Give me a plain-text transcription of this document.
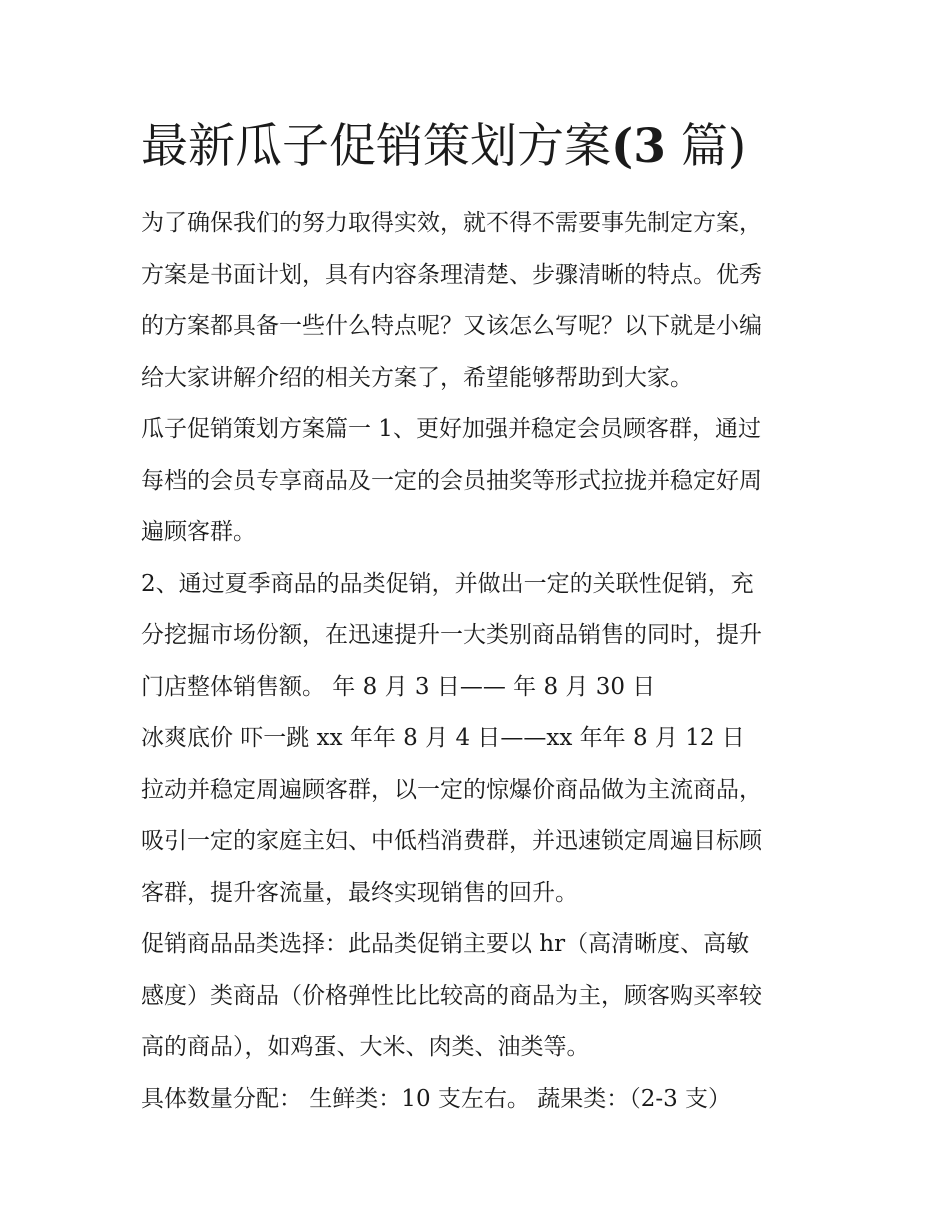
最新瓜子促销策划方案(3 篇)

为了确保我们的努力取得实效，就不得不需要事先制定方案，
方案是书面计划，具有内容条理清楚、步骤清晰的特点。优秀
的方案都具备一些什么特点呢？又该怎么写呢？以下就是小编
给大家讲解介绍的相关方案了，希望能够帮助到大家。

瓜子促销策划方案篇一 1、更好加强并稳定会员顾客群，通过
每档的会员专享商品及一定的会员抽奖等形式拉拢并稳定好周
遍顾客群。

2、通过夏季商品的品类促销，并做出一定的关联性促销，充
分挖掘市场份额，在迅速提升一大类别商品销售的同时，提升
门店整体销售额。 年 8 月 3 日—— 年 8 月 30 日

冰爽底价 吓一跳 xx 年年 8 月 4 日——xx 年年 8 月 12 日

拉动并稳定周遍顾客群，以一定的惊爆价商品做为主流商品，
吸引一定的家庭主妇、中低档消费群，并迅速锁定周遍目标顾
客群，提升客流量，最终实现销售的回升。

促销商品品类选择：此品类促销主要以 hr（高清晰度、高敏
感度）类商品（价格弹性比比较高的商品为主，顾客购买率较
高的商品），如鸡蛋、大米、肉类、油类等。

具体数量分配： 生鲜类：10 支左右。 蔬果类：（2-3 支）
